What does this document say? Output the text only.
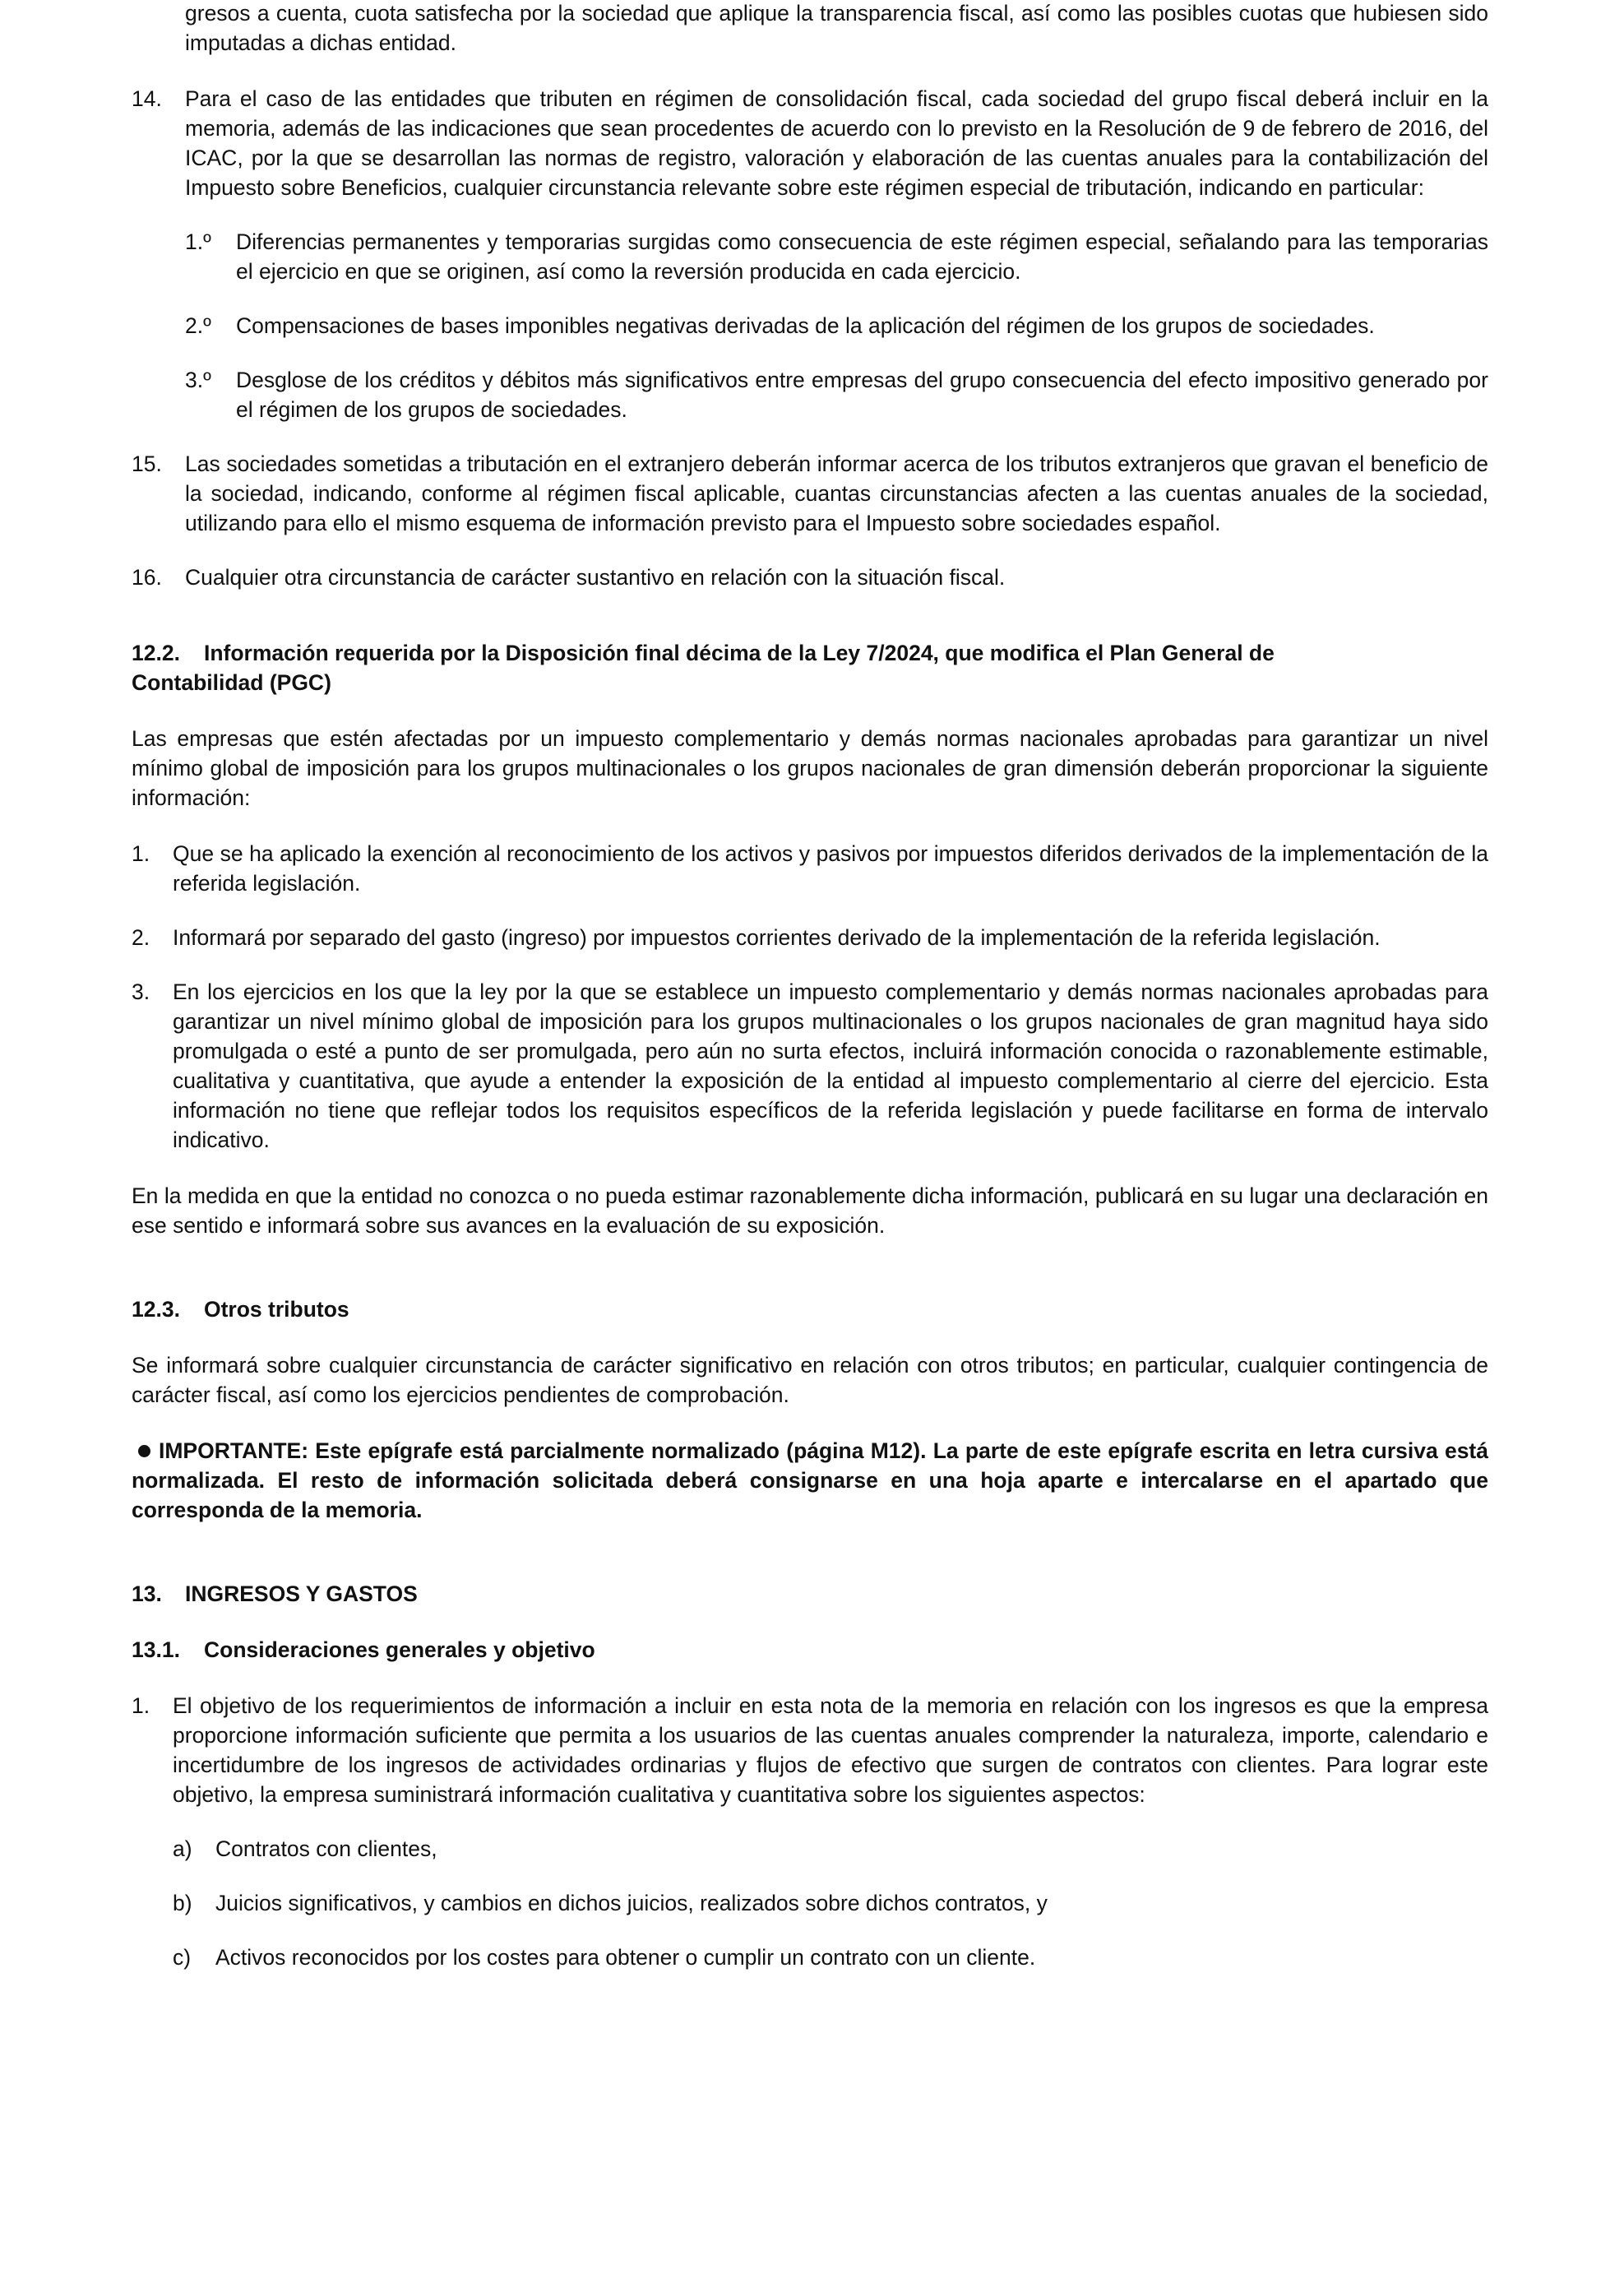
gresos a cuenta, cuota satisfecha por la sociedad que aplique la transparencia fiscal, así como las posibles cuotas que hubiesen sido imputadas a dichas entidad.

14.	Para el caso de las entidades que tributen en régimen de consolidación fiscal, cada sociedad del grupo fiscal deberá incluir en la memoria, además de las indicaciones que sean procedentes de acuerdo con lo previsto en la Resolución de 9 de febrero de 2016, del ICAC, por la que se desarrollan las normas de registro, valoración y elaboración de las cuentas anuales para la contabilización del Impuesto sobre Beneficios, cualquier circunstancia relevante sobre este régimen especial de tributación, indicando en particular:
1.º	Diferencias permanentes y temporarias surgidas como consecuencia de este régimen especial, señalando para las temporarias el ejercicio en que se originen, así como la reversión producida en cada ejercicio.
2.º	Compensaciones de bases imponibles negativas derivadas de la aplicación del régimen de los grupos de sociedades.
3.º	Desglose de los créditos y débitos más significativos entre empresas del grupo consecuencia del efecto impositivo generado por el régimen de los grupos de sociedades.
15.	Las sociedades sometidas a tributación en el extranjero deberán informar acerca de los tributos extranjeros que gravan el beneficio de la sociedad, indicando, conforme al régimen fiscal aplicable, cuantas circunstancias afecten a las cuentas anuales de la sociedad, utilizando para ello el mismo esquema de información previsto para el Impuesto sobre sociedades español.
16.	Cualquier otra circunstancia de carácter sustantivo en relación con la situación fiscal.
12.2. Información requerida por la Disposición final décima de la Ley 7/2024, que modifica el Plan General de
Contabilidad (PGC)

Las empresas que estén afectadas por un impuesto complementario y demás normas nacionales aprobadas para garantizar un nivel mínimo global de imposición para los grupos multinacionales o los grupos nacionales de gran dimensión deberán proporcionar la siguiente información:

1.	Que se ha aplicado la exención al reconocimiento de los activos y pasivos por impuestos diferidos derivados de la implementación de la referida legislación.
2.	Informará por separado del gasto (ingreso) por impuestos corrientes derivado de la implementación de la referida legislación.
3.	En los ejercicios en los que la ley por la que se establece un impuesto complementario y demás normas nacionales aprobadas para garantizar un nivel mínimo global de imposición para los grupos multinacionales o los grupos nacionales de gran magnitud haya sido promulgada o esté a punto de ser promulgada, pero aún no surta efectos, incluirá información conocida o razonablemente estimable, cualitativa y cuantitativa, que ayude a entender la exposición de la entidad al impuesto complementario al cierre del ejercicio. Esta información no tiene que reflejar todos los requisitos específicos de la referida legislación y puede facilitarse en forma de intervalo indicativo.

En la medida en que la entidad no conozca o no pueda estimar razonablemente dicha información, publicará en su lugar una declaración en ese sentido e informará sobre sus avances en la evaluación de su exposición.

12.3. Otros tributos

Se informará sobre cualquier circunstancia de carácter significativo en relación con otros tributos; en particular, cualquier contingencia de carácter fiscal, así como los ejercicios pendientes de comprobación.

IMPORTANTE: Este epígrafe está parcialmente normalizado (página M12). La parte de este epígrafe escrita en letra cursiva está normalizada. El resto de información solicitada deberá consignarse en una hoja aparte e intercalarse en el apartado que corresponda de la memoria.

13. INGRESOS Y GASTOS
13.1. Consideraciones generales y objetivo
1.	El objetivo de los requerimientos de información a incluir en esta nota de la memoria en relación con los ingresos es que la empresa proporcione información suficiente que permita a los usuarios de las cuentas anuales comprender la naturaleza, importe, calendario e incertidumbre de los ingresos de actividades ordinarias y flujos de efectivo que surgen de contratos con clientes. Para lograr este objetivo, la empresa suministrará información cualitativa y cuantitativa sobre los siguientes aspectos:
a)	Contratos con clientes,
b)	Juicios significativos, y cambios en dichos juicios, realizados sobre dichos contratos, y
c)	Activos reconocidos por los costes para obtener o cumplir un contrato con un cliente.
